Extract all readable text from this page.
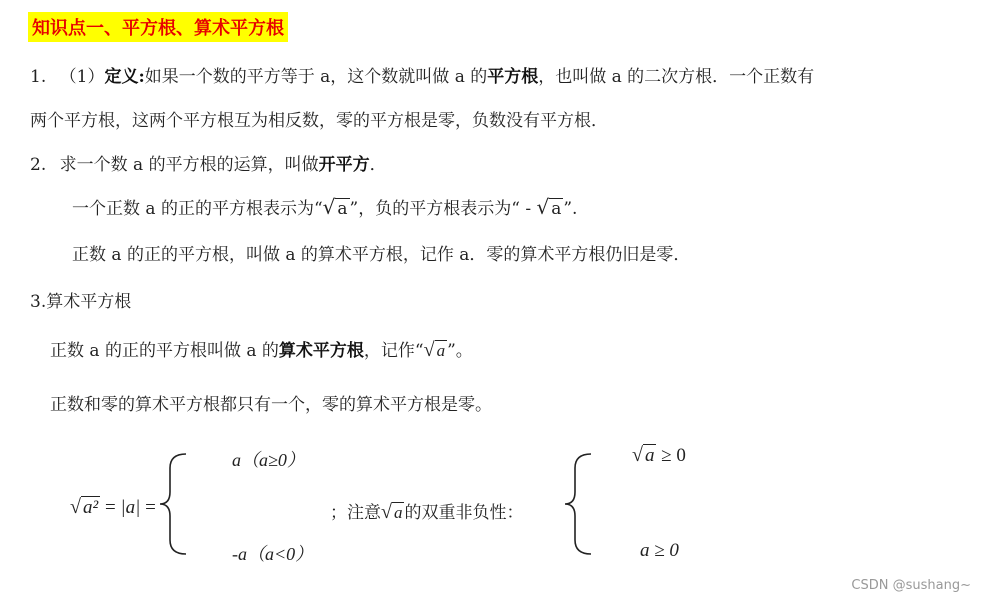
知识点一、平方根、算术平方根
1. （1）定义:如果一个数的平方等于 a，这个数就叫做 a 的平方根，也叫做 a 的二次方根．一个正数有
两个平方根，这两个平方根互为相反数，零的平方根是零，负数没有平方根．
2. 求一个数 a 的平方根的运算，叫做开平方．
一个正数 a 的正的平方根表示为“√ a ”，负的平方根表示为“ - √ a ”.
正数 a 的正的平方根，叫做 a 的算术平方根，记作 a．零的算术平方根仍旧是零．
3.算术平方根
正数 a 的正的平方根叫做 a 的算术平方根，记作“√ a ”。
正数和零的算术平方根都只有一个，零的算术平方根是零。
√ a² = |a| =
a（a≥0）
-a（a<0）
；注意√ a 的双重非负性：
√ a ≥ 0
a ≥ 0
CSDN @sushang~
